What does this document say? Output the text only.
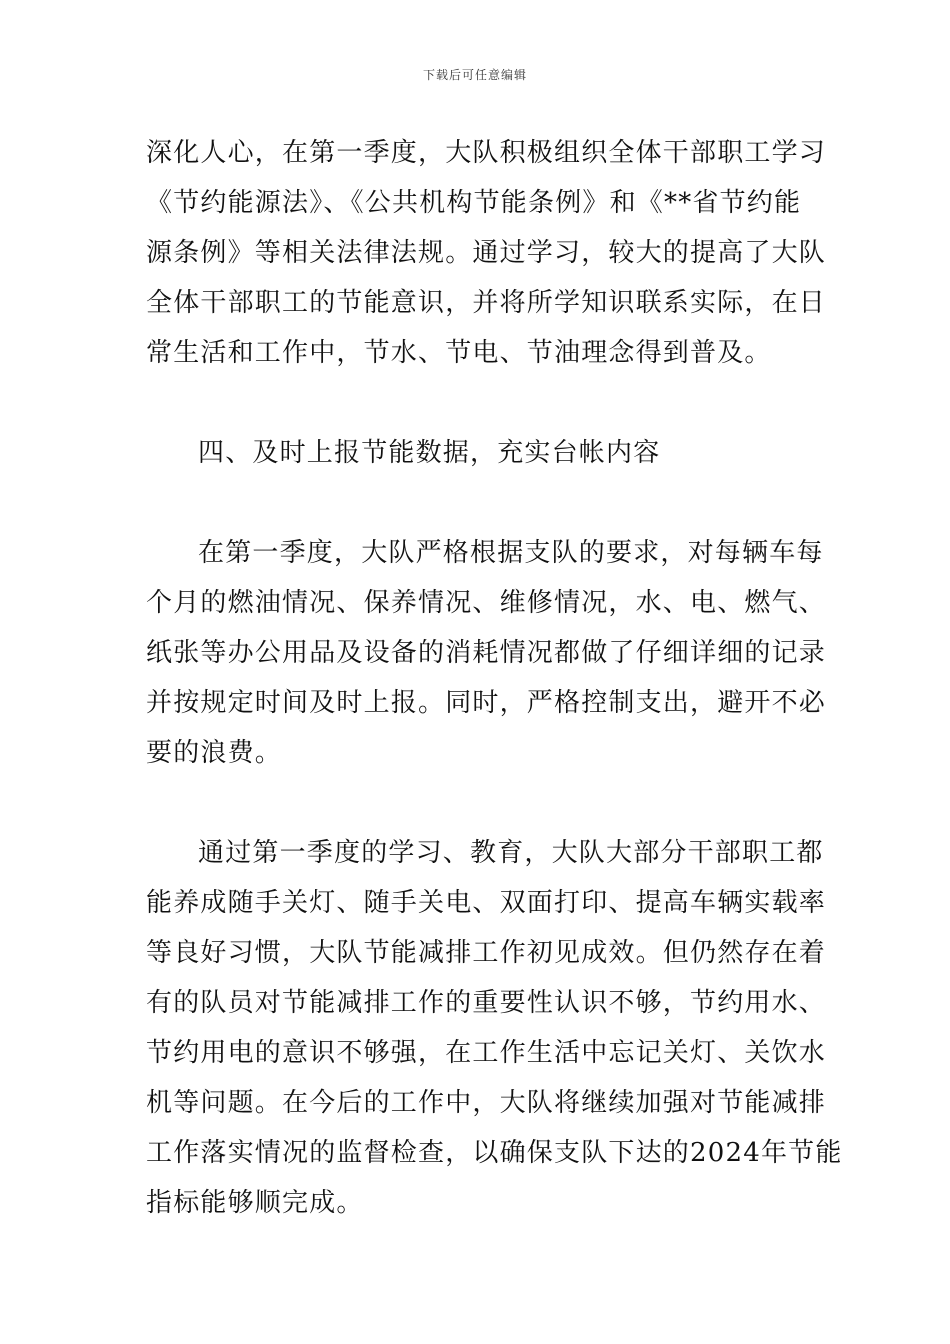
下载后可任意编辑
深化人心，在第一季度，大队积极组织全体干部职工学习
《节约能源法》、《公共机构节能条例》和《**省节约能
源条例》等相关法律法规。通过学习，较大的提高了大队
全体干部职工的节能意识，并将所学知识联系实际，在日
常生活和工作中，节水、节电、节油理念得到普及。
四、及时上报节能数据，充实台帐内容
在第一季度，大队严格根据支队的要求，对每辆车每
个月的燃油情况、保养情况、维修情况，水、电、燃气、
纸张等办公用品及设备的消耗情况都做了仔细详细的记录
并按规定时间及时上报。同时，严格控制支出，避开不必
要的浪费。
通过第一季度的学习、教育，大队大部分干部职工都
能养成随手关灯、随手关电、双面打印、提高车辆实载率
等良好习惯，大队节能减排工作初见成效。但仍然存在着
有的队员对节能减排工作的重要性认识不够，节约用水、
节约用电的意识不够强，在工作生活中忘记关灯、关饮水
机等问题。在今后的工作中，大队将继续加强对节能减排
工作落实情况的监督检查，以确保支队下达的2024年节能
指标能够顺完成。
